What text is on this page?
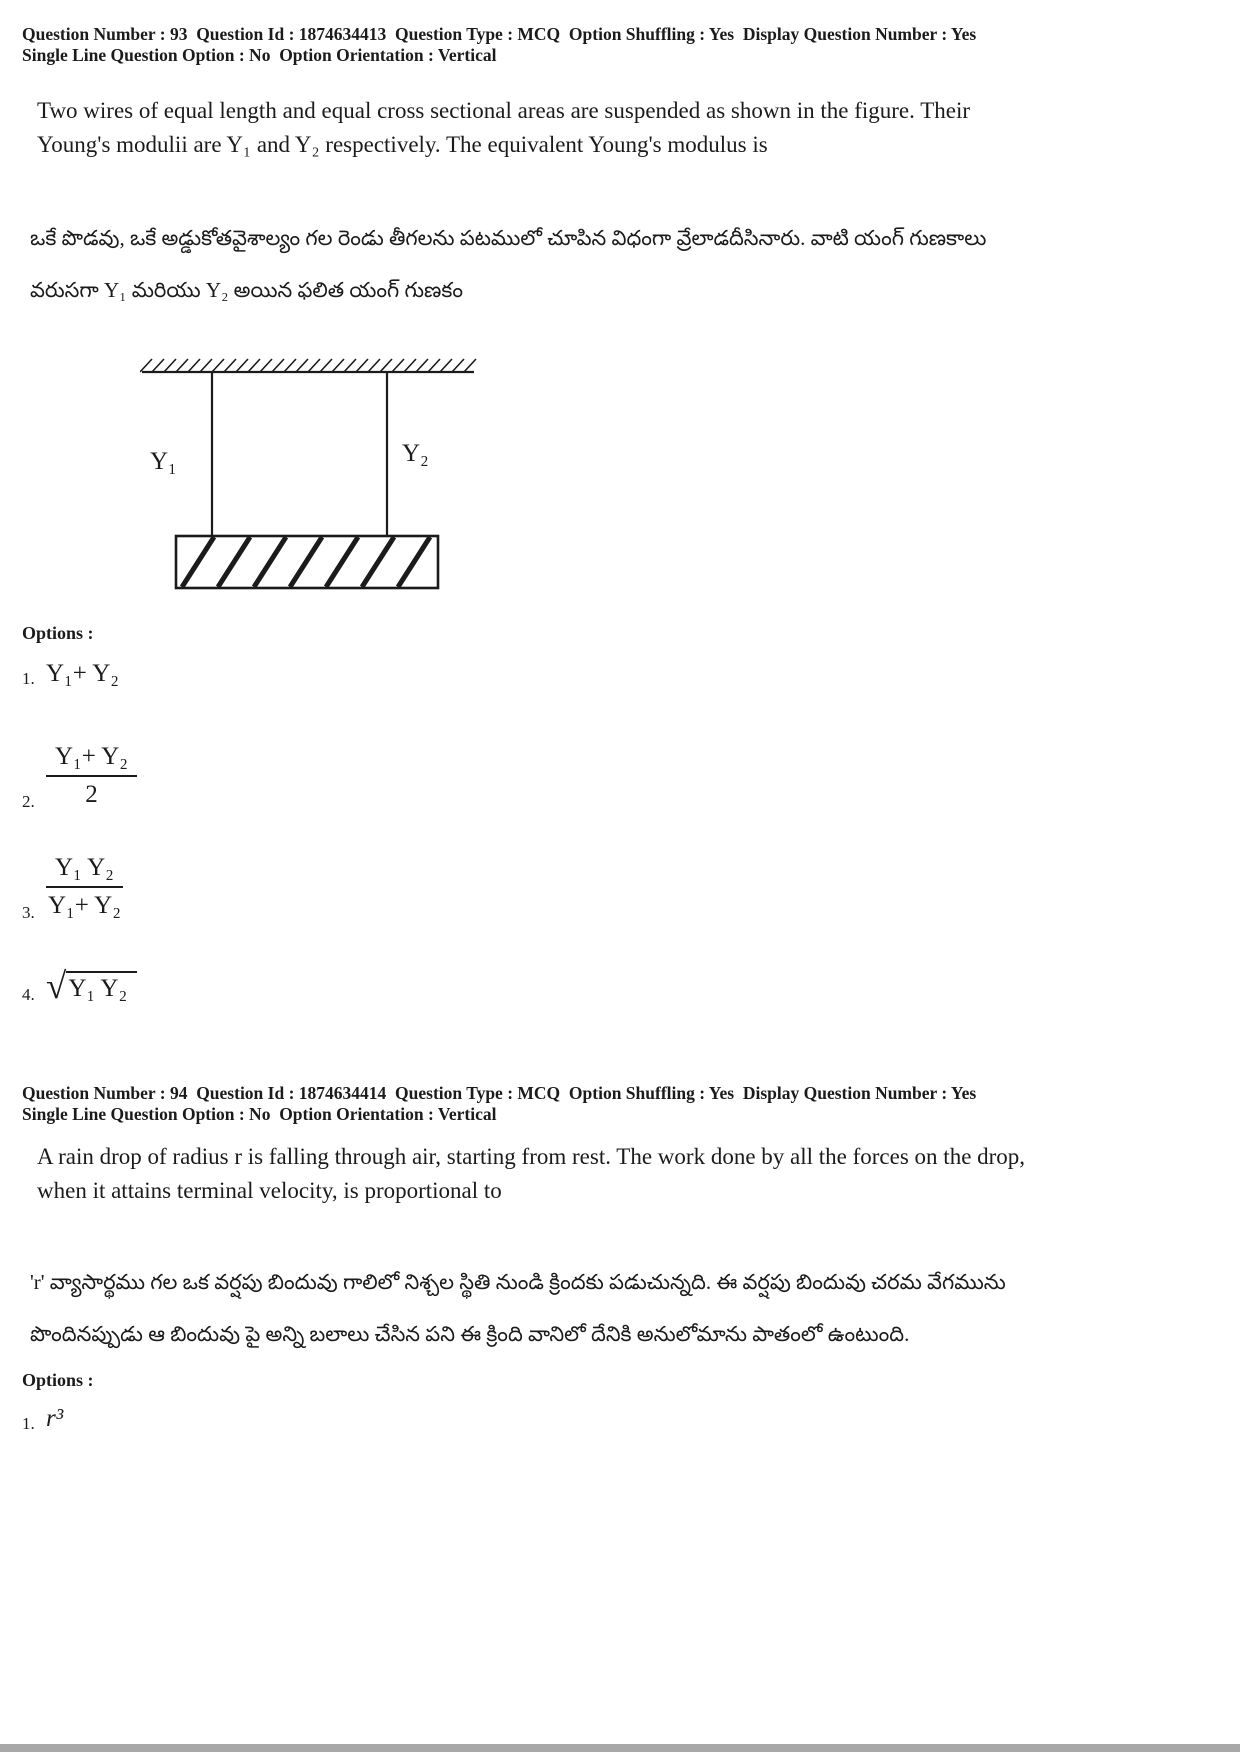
Question Number : 93  Question Id : 1874634413  Question Type : MCQ  Option Shuffling : Yes  Display Question Number : Yes
Single Line Question Option : No  Option Orientation : Vertical

Two wires of equal length and equal cross sectional areas are suspended as shown in the figure. Their Young's modulii are Y₁ and Y₂ respectively. The equivalent Young's modulus is

ఒకే పొడవు, ఒకే అడ్డుకోతవైశాల్యం గల రెండు తీగలను పటములో చూపిన విధంగా వ్రేలాడదీసినారు. వాటి యంగ్ గుణకాలు వరుసగా Y₁ మరియు Y₂ అయిన ఫలిత యంగ్ గుణకం

Y₁	Y₂
Options :
1. Y₁+ Y₂
2. $\frac{\text{Y₁+ Y₂}}{2}$
3. $\frac{\text{Y₁ Y₂}}{\text{Y₁+ Y₂}}$
4. √ Y₁ Y₂
Question Number : 94  Question Id : 1874634414  Question Type : MCQ  Option Shuffling : Yes  Display Question Number : Yes
Single Line Question Option : No  Option Orientation : Vertical

A rain drop of radius r is falling through air, starting from rest. The work done by all the forces on the drop, when it attains terminal velocity, is proportional to

'r' వ్యాసార్థము గల ఒక వర్షపు బిందువు గాలిలో నిశ్చల స్థితి నుండి క్రిందకు పడుచున్నది. ఈ వర్షపు బిందువు చరమ వేగమును పొందినప్పుడు ఆ బిందువు పై అన్ని బలాలు చేసిన పని ఈ క్రింది వానిలో దేనికి అనులోమాను పాతంలో ఉంటుంది.

Options :
1. r³
